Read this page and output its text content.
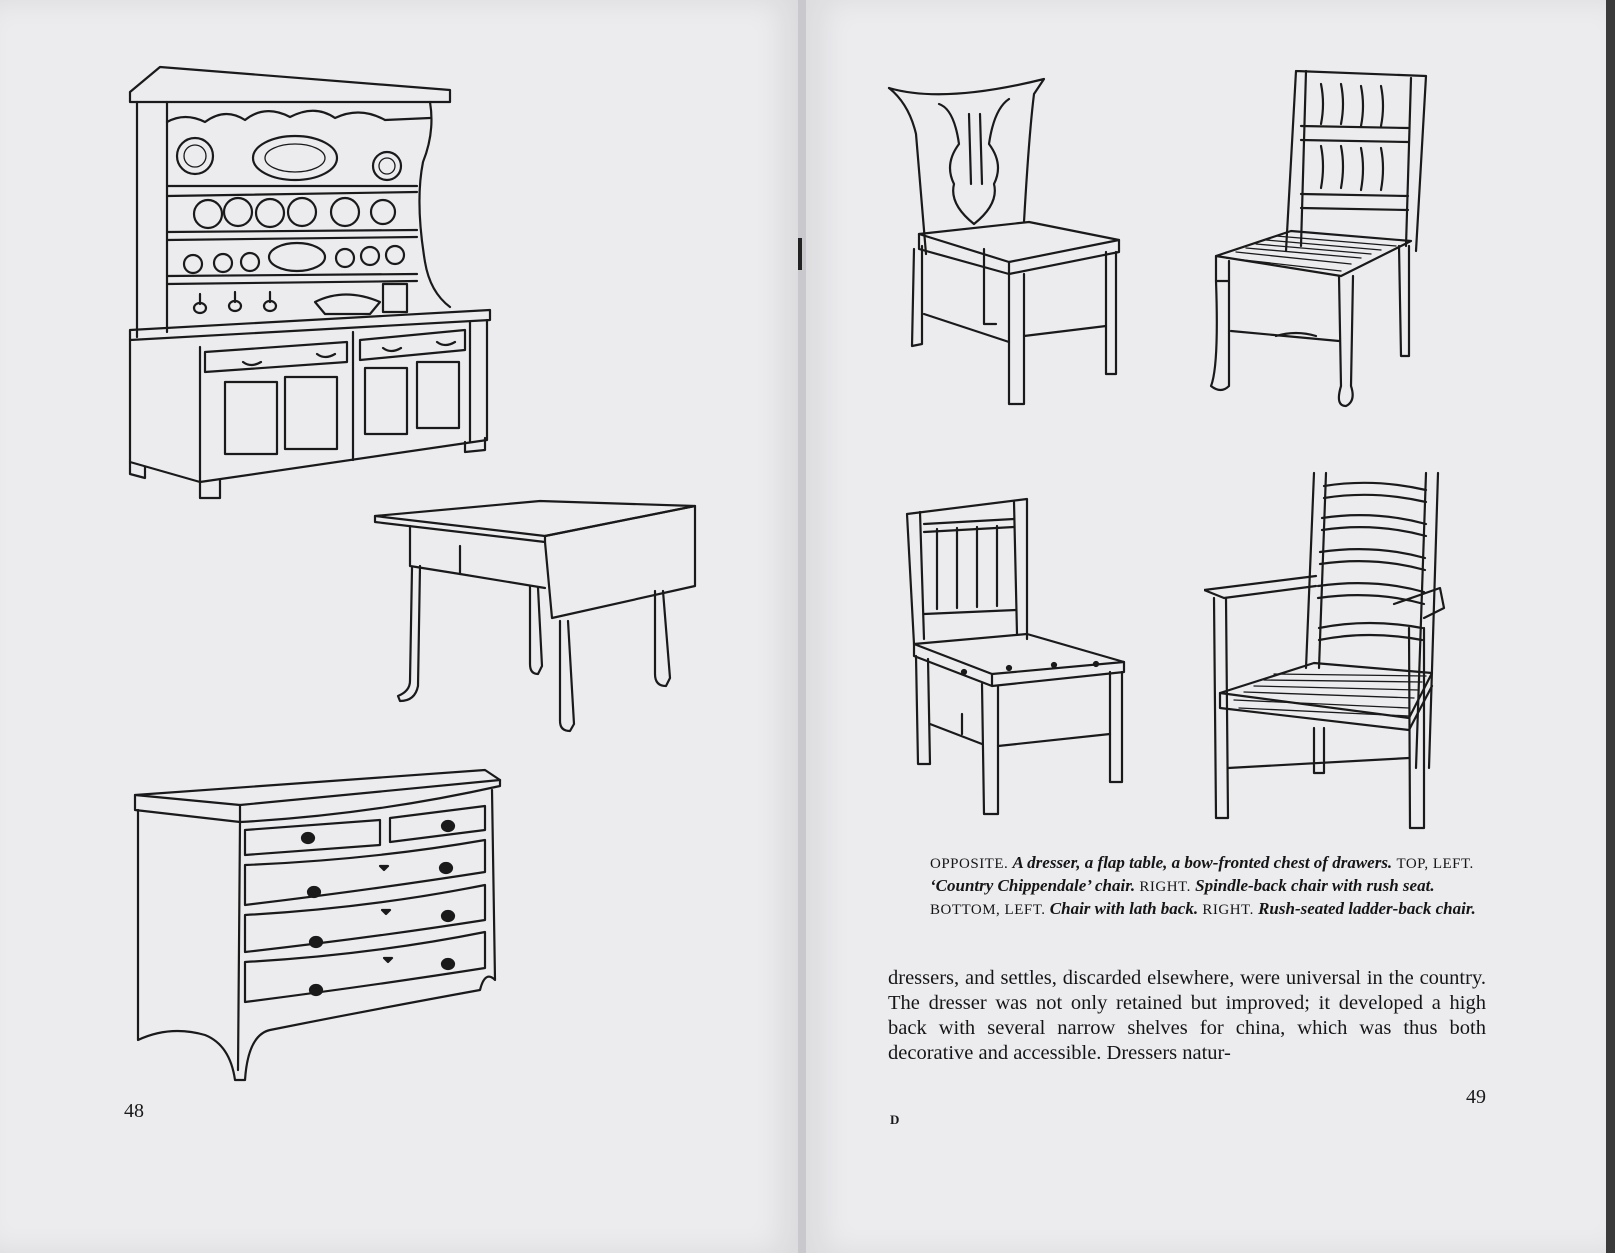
48
OPPOSITE. A dresser, a flap table, a bow-fronted chest of drawers. TOP, LEFT. ‘Country Chippendale’ chair. RIGHT. Spindle-back chair with rush seat. BOTTOM, LEFT. Chair with lath back. RIGHT. Rush-seated ladder-back chair.
dressers, and settles, discarded elsewhere, were universal in the country. The dresser was not only retained but improved; it developed a high back with several narrow shelves for china, which was thus both decorative and accessible. Dressers natur-
49
D
